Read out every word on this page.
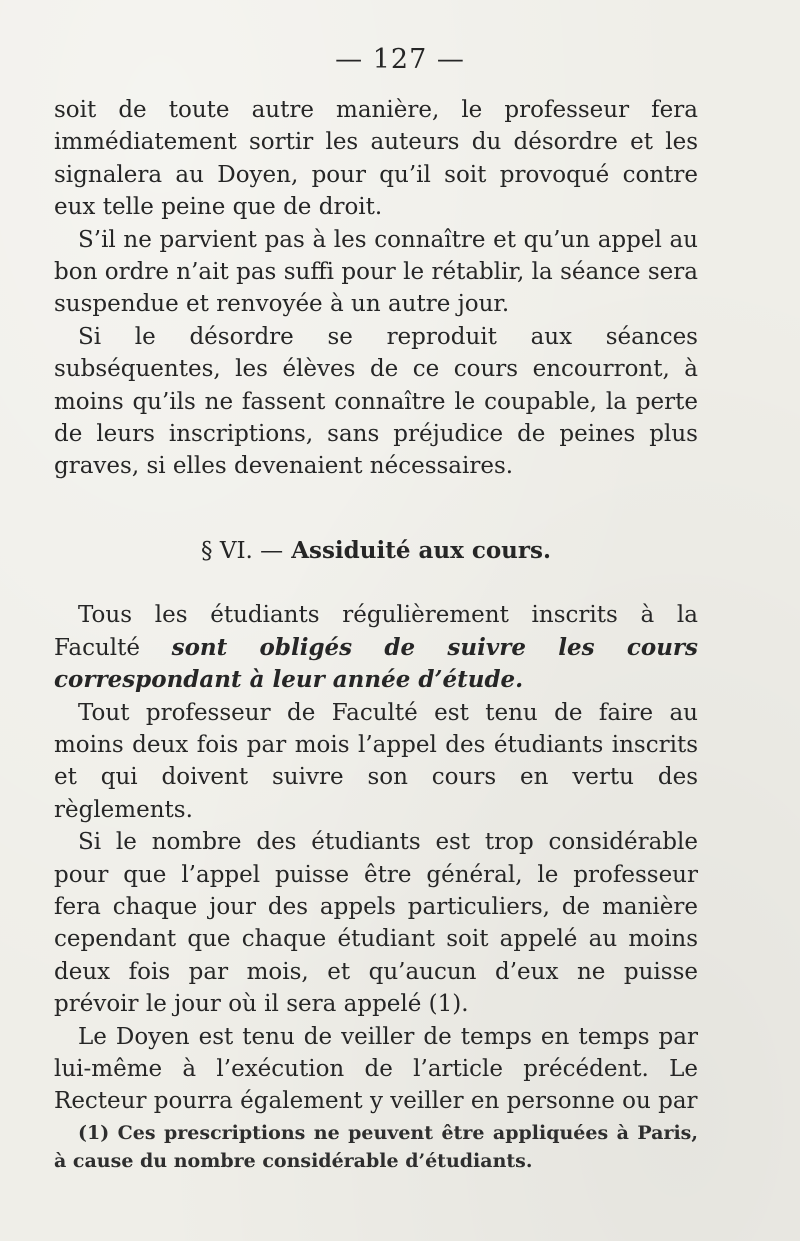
— 127 —

soit de toute autre manière, le professeur fera immédiatement sortir les auteurs du désordre et les signalera au Doyen, pour qu’il soit provoqué contre eux telle peine que de droit.

S’il ne parvient pas à les connaître et qu’un appel au bon ordre n’ait pas suffi pour le rétablir, la séance sera suspendue et renvoyée à un autre jour.

Si le désordre se reproduit aux séances subséquentes, les élèves de ce cours encourront, à moins qu’ils ne fassent connaître le coupable, la perte de leurs inscriptions, sans préjudice de peines plus graves, si elles devenaient nécessaires.

§ VI. — Assiduité aux cours.

Tous les étudiants régulièrement inscrits à la Faculté sont obligés de suivre les cours correspondant à leur année d’étude.

Tout professeur de Faculté est tenu de faire au moins deux fois par mois l’appel des étudiants inscrits et qui doivent suivre son cours en vertu des règlements.

Si le nombre des étudiants est trop considérable pour que l’appel puisse être général, le professeur fera chaque jour des appels particuliers, de manière cependant que chaque étudiant soit appelé au moins deux fois par mois, et qu’aucun d’eux ne puisse prévoir le jour où il sera appelé (1).

Le Doyen est tenu de veiller de temps en temps par lui-même à l’exécution de l’article précédent. Le Recteur pourra également y veiller en personne ou par

(1) Ces prescriptions ne peuvent être appliquées à Paris, à cause du nombre considérable d’étudiants.
